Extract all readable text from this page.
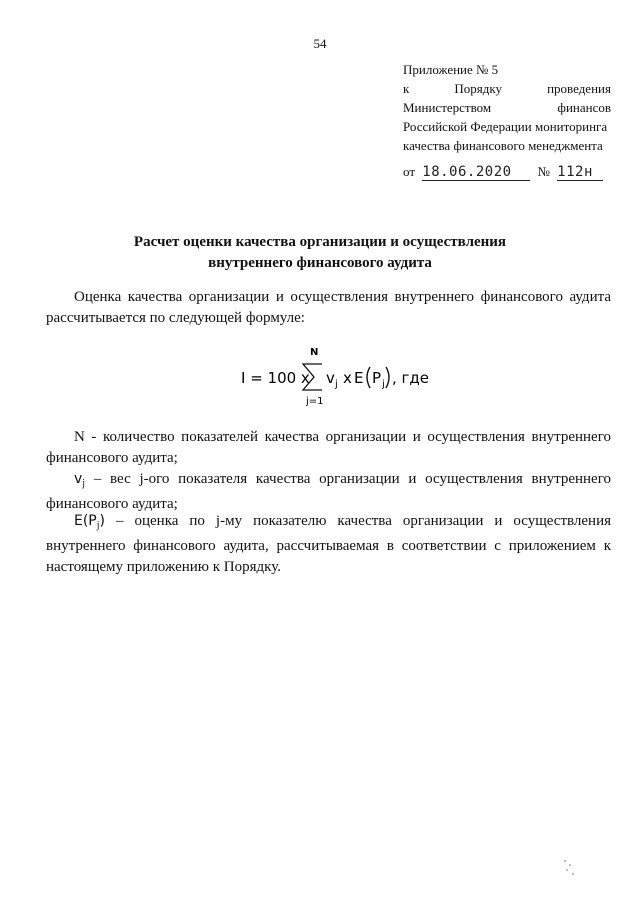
54
Приложение № 5
к	Порядку	проведения
Министерством	финансов
Российской Федерации мониторинга
качества финансового менеджмента
от 18.06.2020 № 112н
Расчет оценки качества организации и осуществления
внутреннего финансового аудита

Оценка качества организации и осуществления внутреннего финансового аудита рассчитывается по следующей формуле:

I = 100 x
N
j=1
v j x E P j , где

N - количество показателей качества организации и осуществления внутреннего финансового аудита;

$v_j$ – вес j-ого показателя качества организации и осуществления внутреннего финансового аудита;

$E(P_j)$ – оценка по j-му показателю качества организации и осуществления внутреннего финансового аудита, рассчитываемая в соответствии с приложением к настоящему приложению к Порядку.
